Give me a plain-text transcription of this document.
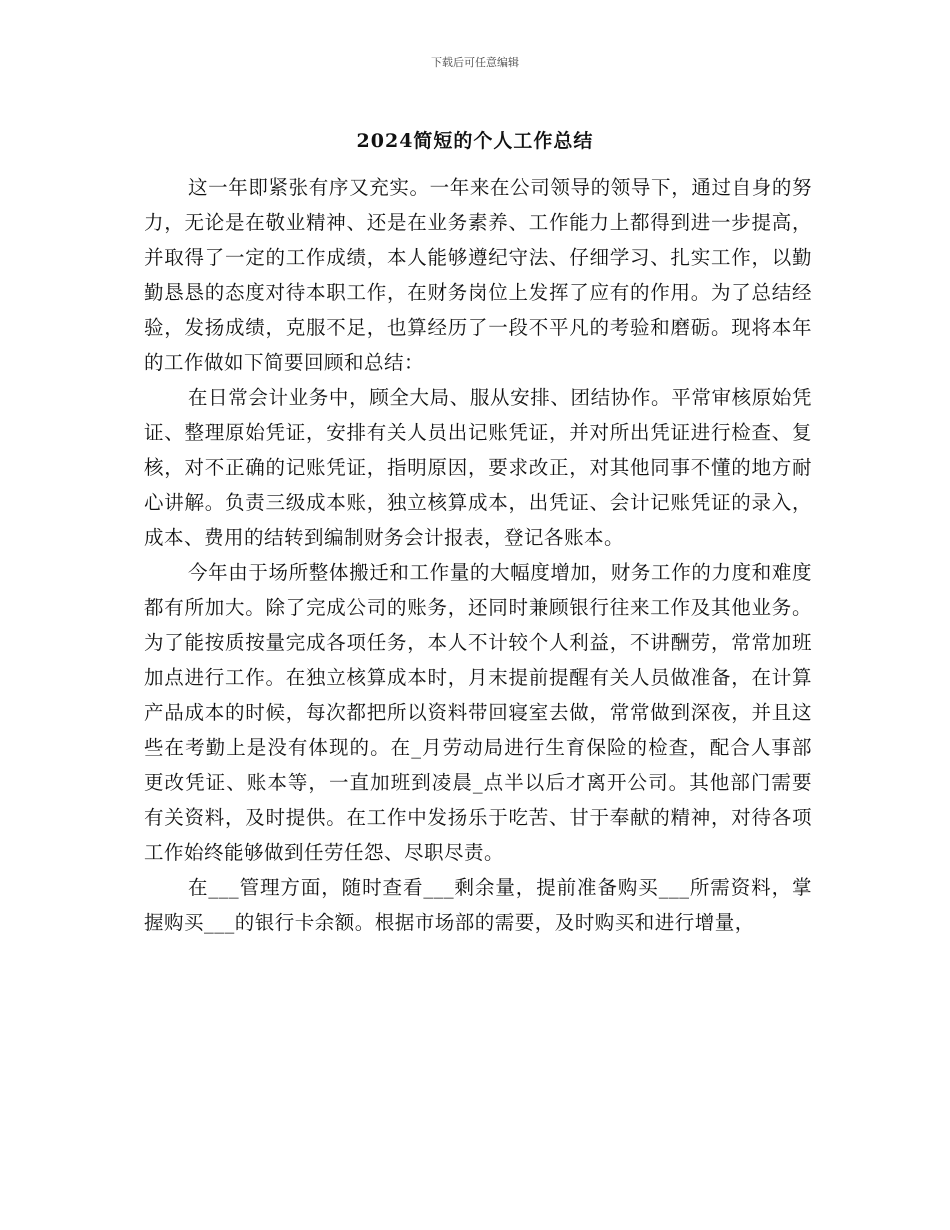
下载后可任意编辑
2024简短的个人工作总结

这一年即紧张有序又充实。一年来在公司领导的领导下，通过自身的努力，无论是在敬业精神、还是在业务素养、工作能力上都得到进一步提高，并取得了一定的工作成绩，本人能够遵纪守法、仔细学习、扎实工作，以勤勤恳恳的态度对待本职工作，在财务岗位上发挥了应有的作用。为了总结经验，发扬成绩，克服不足，也算经历了一段不平凡的考验和磨砺。现将本年的工作做如下简要回顾和总结：

在日常会计业务中，顾全大局、服从安排、团结协作。平常审核原始凭证、整理原始凭证，安排有关人员出记账凭证，并对所出凭证进行检查、复核，对不正确的记账凭证，指明原因，要求改正，对其他同事不懂的地方耐心讲解。负责三级成本账，独立核算成本，出凭证、会计记账凭证的录入，成本、费用的结转到编制财务会计报表，登记各账本。

今年由于场所整体搬迁和工作量的大幅度增加，财务工作的力度和难度都有所加大。除了完成公司的账务，还同时兼顾银行往来工作及其他业务。为了能按质按量完成各项任务，本人不计较个人利益，不讲酬劳，常常加班加点进行工作。在独立核算成本时，月末提前提醒有关人员做准备，在计算产品成本的时候，每次都把所以资料带回寝室去做，常常做到深夜，并且这些在考勤上是没有体现的。在_月劳动局进行生育保险的检查，配合人事部更改凭证、账本等，一直加班到凌晨_点半以后才离开公司。其他部门需要有关资料，及时提供。在工作中发扬乐于吃苦、甘于奉献的精神，对待各项工作始终能够做到任劳任怨、尽职尽责。

在___管理方面，随时查看___剩余量，提前准备购买___所需资料，掌握购买___的银行卡余额。根据市场部的需要，及时购买和进行增量，
